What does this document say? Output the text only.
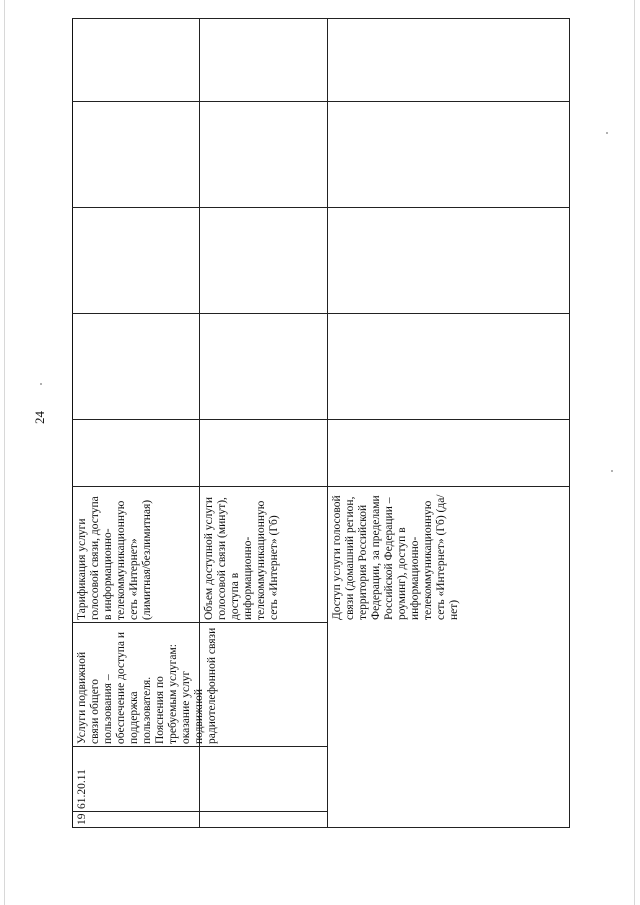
24
19
61.20.11
Услуги подвижной связи общего пользования – обеспечение доступа и поддержка пользователя. Пояснения по требуемым услугам: оказание услуг подвижной радиотелефонной связи
Тарификация услуги голосовой связи, доступа в информационно-телекоммуникационную сеть «Интернет» (лимитная/безлимитная)	Объем доступной услуги голосовой связи (минут), доступа в информационно-телекоммуникационную сеть «Интернет» (Гб)	Доступ услуги голосовой связи (домашний регион, территория Российской Федерации, за пределами Российской Федерации – роуминг), доступ в информационно-телекоммуникационную сеть «Интернет» (Гб) (да/нет)
